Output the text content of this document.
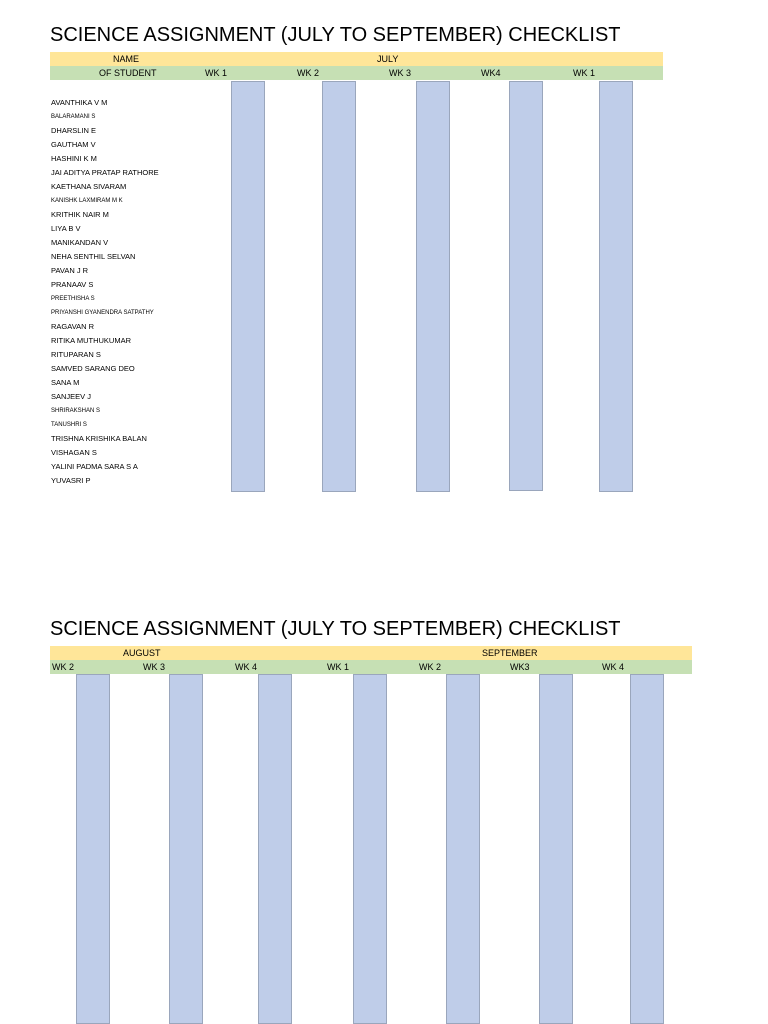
SCIENCE ASSIGNMENT (JULY TO SEPTEMBER) CHECKLIST
NAME	JULY
OF STUDENT	WK 1	WK 2	WK 3	WK4	WK 1
AVANTHIKA V M
BALARAMANI S
DHARSLIN E
GAUTHAM V
HASHINI K M
JAI ADITYA PRATAP RATHORE
KAETHANA SIVARAM
KANISHK LAXMIRAM M K
KRITHIK NAIR M
LIYA B V
MANIKANDAN V
NEHA SENTHIL SELVAN
PAVAN J R
PRANAAV S
PREETHISHA S
PRIYANSHI GYANENDRA SATPATHY
RAGAVAN R
RITIKA MUTHUKUMAR
RITUPARAN S
SAMVED SARANG DEO
SANA M
SANJEEV J
SHRIRAKSHAN S
TANUSHRI S
TRISHNA KRISHIKA BALAN
VISHAGAN S
YALINI PADMA SARA S A
YUVASRI P
SCIENCE ASSIGNMENT (JULY TO SEPTEMBER) CHECKLIST
AUGUST	SEPTEMBER
WK 2	WK 3	WK 4	WK 1	WK 2	WK3	WK 4
